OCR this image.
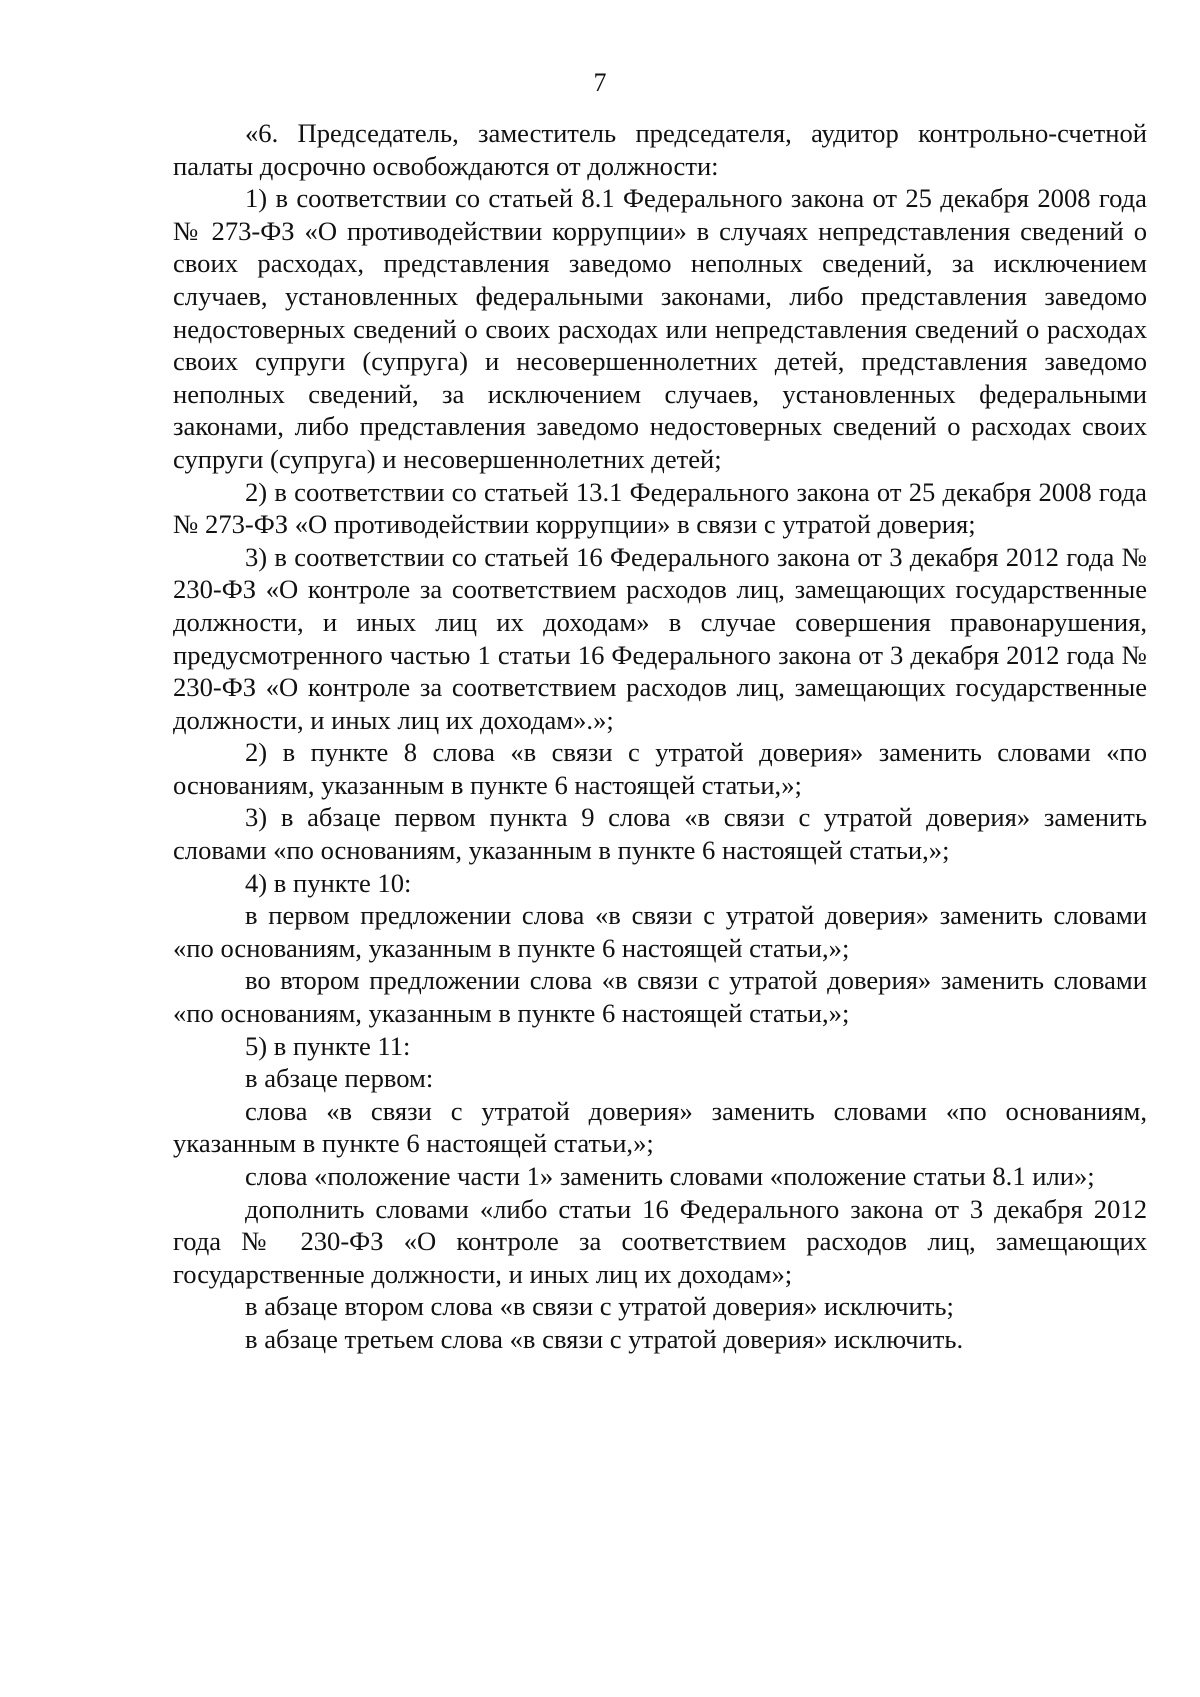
7

«6. Председатель, заместитель председателя, аудитор контрольно-счетной палаты досрочно освобождаются от должности:

1) в соответствии со статьей 8.1 Федерального закона от 25 декабря 2008 года № 273-ФЗ «О противодействии коррупции» в случаях непредставления сведений о своих расходах, представления заведомо неполных сведений, за исключением случаев, установленных федеральными законами, либо представления заведомо недостоверных сведений о своих расходах или непредставления сведений о расходах своих супруги (супруга) и несовершеннолетних детей, представления заведомо неполных сведений, за исключением случаев, установленных федеральными законами, либо представления заведомо недостоверных сведений о расходах своих супруги (супруга) и несовершеннолетних детей;

2) в соответствии со статьей 13.1 Федерального закона от 25 декабря 2008 года № 273-ФЗ «О противодействии коррупции» в связи с утратой доверия;

3) в соответствии со статьей 16 Федерального закона от 3 декабря 2012 года № 230-ФЗ «О контроле за соответствием расходов лиц, замещающих государственные должности, и иных лиц их доходам» в случае совершения правонарушения, предусмотренного частью 1 статьи 16 Федерального закона от 3 декабря 2012 года № 230-ФЗ «О контроле за соответствием расходов лиц, замещающих государственные должности, и иных лиц их доходам».»;

2) в пункте 8 слова «в связи с утратой доверия» заменить словами «по основаниям, указанным в пункте 6 настоящей статьи,»;

3) в абзаце первом пункта 9 слова «в связи с утратой доверия» заменить словами «по основаниям, указанным в пункте 6 настоящей статьи,»;

4) в пункте 10:

в первом предложении слова «в связи с утратой доверия» заменить словами «по основаниям, указанным в пункте 6 настоящей статьи,»;

во втором предложении слова «в связи с утратой доверия» заменить словами «по основаниям, указанным в пункте 6 настоящей статьи,»;

5) в пункте 11:

в абзаце первом:

слова «в связи с утратой доверия» заменить словами «по основаниям, указанным в пункте 6 настоящей статьи,»;

слова «положение части 1» заменить словами «положение статьи 8.1 или»;

дополнить словами «либо статьи 16 Федерального закона от 3 декабря 2012 года № 230-ФЗ «О контроле за соответствием расходов лиц, замещающих государственные должности, и иных лиц их доходам»;

в абзаце втором слова «в связи с утратой доверия» исключить;

в абзаце третьем слова «в связи с утратой доверия» исключить.
